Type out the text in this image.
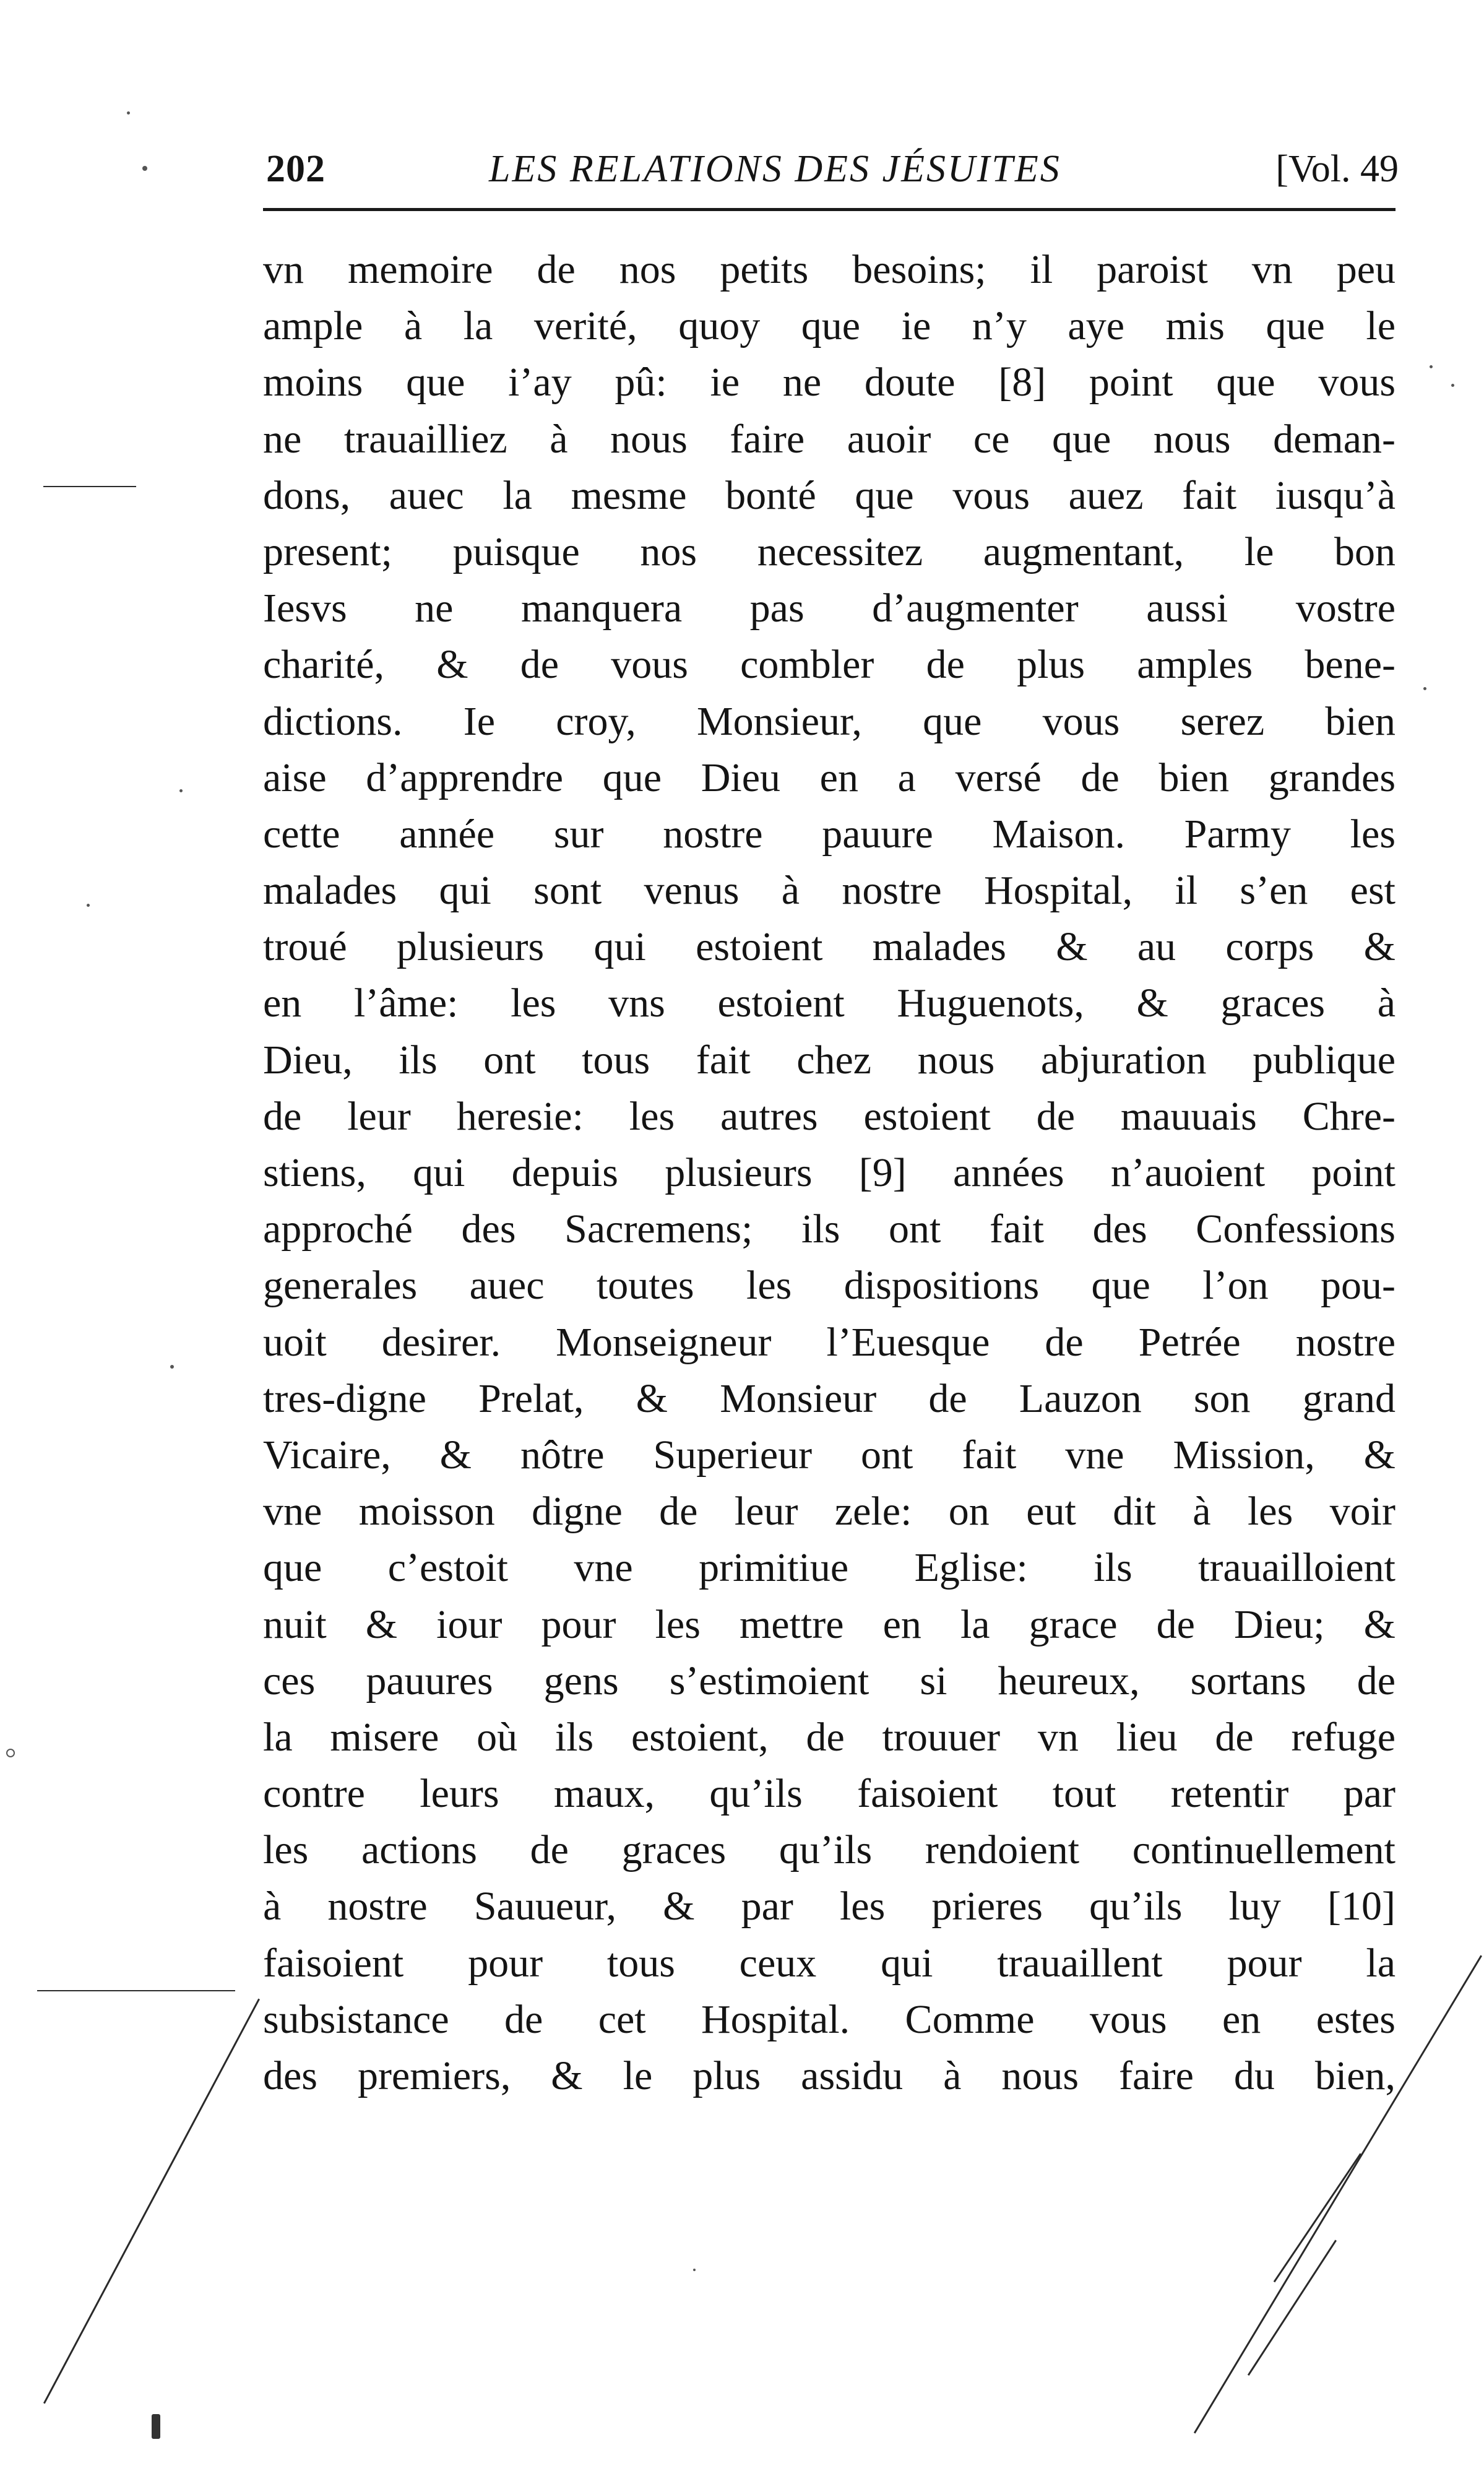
202	LES RELATIONS DES JÉSUITES	[Vol. 49
vn memoire de nos petits besoins; il paroist vn peu
ample à la verité, quoy que ie n’y aye mis que le
moins que i’ay pû: ie ne doute [8] point que vous
ne trauailliez à nous faire auoir ce que nous deman-
dons, auec la mesme bonté que vous auez fait iusqu’à
present; puisque nos necessitez augmentant, le bon
Iesvs ne manquera pas d’augmenter aussi vostre
charité, & de vous combler de plus amples bene-
dictions. Ie croy, Monsieur, que vous serez bien
aise d’apprendre que Dieu en a versé de bien grandes
cette année sur nostre pauure Maison. Parmy les
malades qui sont venus à nostre Hospital, il s’en est
troué plusieurs qui estoient malades & au corps &
en l’âme: les vns estoient Huguenots, & graces à
Dieu, ils ont tous fait chez nous abjuration publique
de leur heresie: les autres estoient de mauuais Chre-
stiens, qui depuis plusieurs [9] années n’auoient point
approché des Sacremens; ils ont fait des Confessions
generales auec toutes les dispositions que l’on pou-
uoit desirer. Monseigneur l’Euesque de Petrée nostre
tres-digne Prelat, & Monsieur de Lauzon son grand
Vicaire, & nôtre Superieur ont fait vne Mission, &
vne moisson digne de leur zele: on eut dit à les voir
que c’estoit vne primitiue Eglise: ils trauailloient
nuit & iour pour les mettre en la grace de Dieu; &
ces pauures gens s’estimoient si heureux, sortans de
la misere où ils estoient, de trouuer vn lieu de refuge
contre leurs maux, qu’ils faisoient tout retentir par
les actions de graces qu’ils rendoient continuellement
à nostre Sauueur, & par les prieres qu’ils luy [10]
faisoient pour tous ceux qui trauaillent pour la
subsistance de cet Hospital. Comme vous en estes
des premiers, & le plus assidu à nous faire du bien,
